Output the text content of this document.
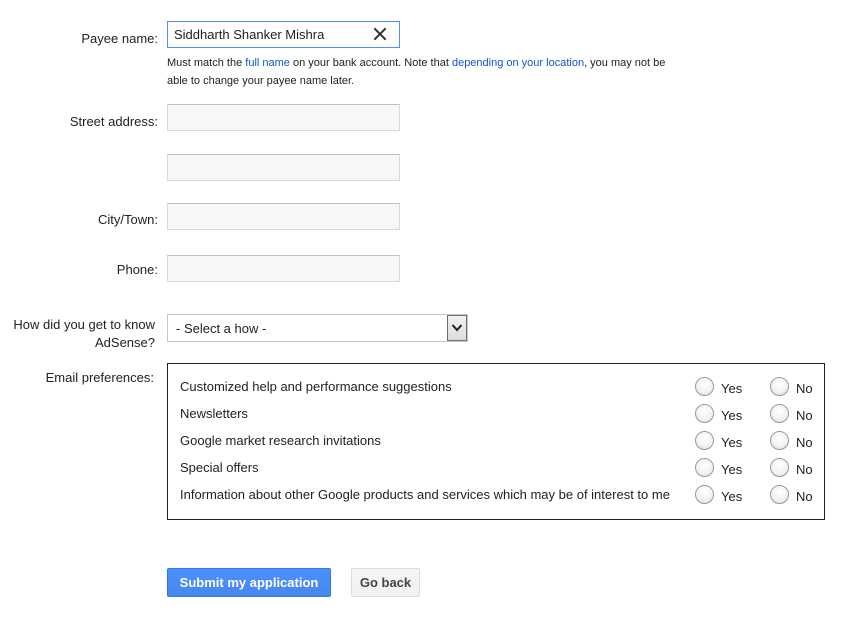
Payee name:	Siddharth Shanker Mishra
Must match the full name on your bank account. Note that depending on your location, you may not be able to change your payee name later.
Street address:
City/Town:
Phone:
How did you get to know
AdSense?
- Select a how -
Email preferences:
Customized help and performance suggestions	Yes	No
Newsletters	Yes	No
Google market research invitations	Yes	No
Special offers	Yes	No
Information about other Google products and services which may be of interest to me	Yes	No
Submit my application	Go back
